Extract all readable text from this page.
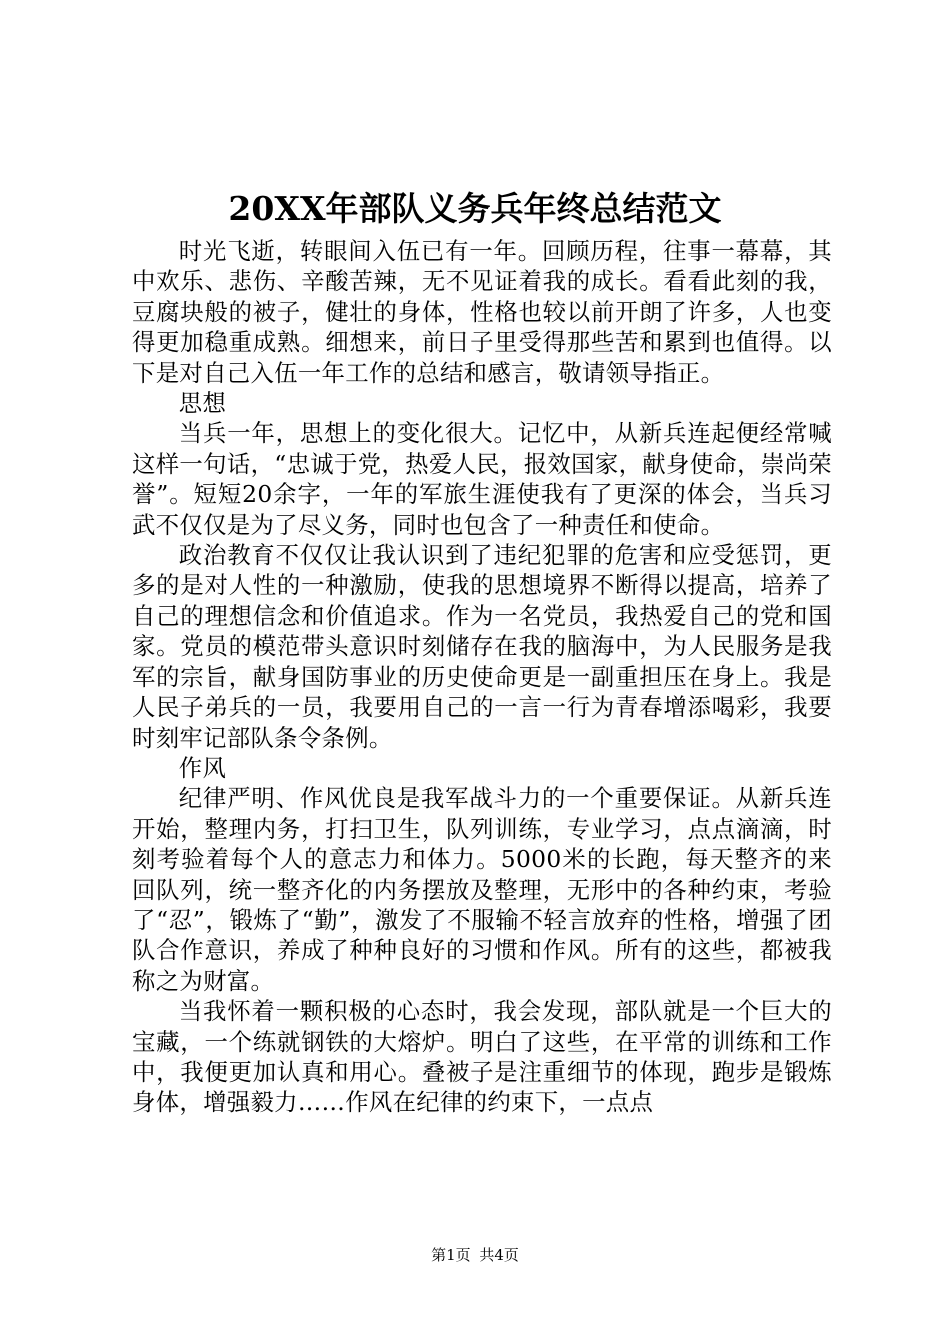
20XX年部队义务兵年终总结范文

时光飞逝，转眼间入伍已有一年。回顾历程，往事一幕幕，其中欢乐、悲伤、辛酸苦辣，无不见证着我的成长。看看此刻的我，豆腐块般的被子，健壮的身体，性格也较以前开朗了许多，人也变得更加稳重成熟。细想来，前日子里受得那些苦和累到也值得。以下是对自己入伍一年工作的总结和感言，敬请领导指正。

思想

当兵一年，思想上的变化很大。记忆中，从新兵连起便经常喊这样一句话，“忠诚于党，热爱人民，报效国家，献身使命，崇尚荣誉”。短短20余字，一年的军旅生涯使我有了更深的体会，当兵习武不仅仅是为了尽义务，同时也包含了一种责任和使命。

政治教育不仅仅让我认识到了违纪犯罪的危害和应受惩罚，更多的是对人性的一种激励，使我的思想境界不断得以提高，培养了自己的理想信念和价值追求。作为一名党员，我热爱自己的党和国家。党员的模范带头意识时刻储存在我的脑海中，为人民服务是我军的宗旨，献身国防事业的历史使命更是一副重担压在身上。我是人民子弟兵的一员，我要用自己的一言一行为青春增添喝彩，我要时刻牢记部队条令条例。

作风

纪律严明、作风优良是我军战斗力的一个重要保证。从新兵连开始，整理内务，打扫卫生，队列训练，专业学习，点点滴滴，时刻考验着每个人的意志力和体力。5000米的长跑，每天整齐的来回队列，统一整齐化的内务摆放及整理，无形中的各种约束，考验了“忍”，锻炼了“勤”，激发了不服输不轻言放弃的性格，增强了团队合作意识，养成了种种良好的习惯和作风。所有的这些，都被我称之为财富。

当我怀着一颗积极的心态时，我会发现，部队就是一个巨大的宝藏，一个练就钢铁的大熔炉。明白了这些，在平常的训练和工作中，我便更加认真和用心。叠被子是注重细节的体现，跑步是锻炼身体，增强毅力……作风在纪律的约束下，一点点

第1页 共4页
